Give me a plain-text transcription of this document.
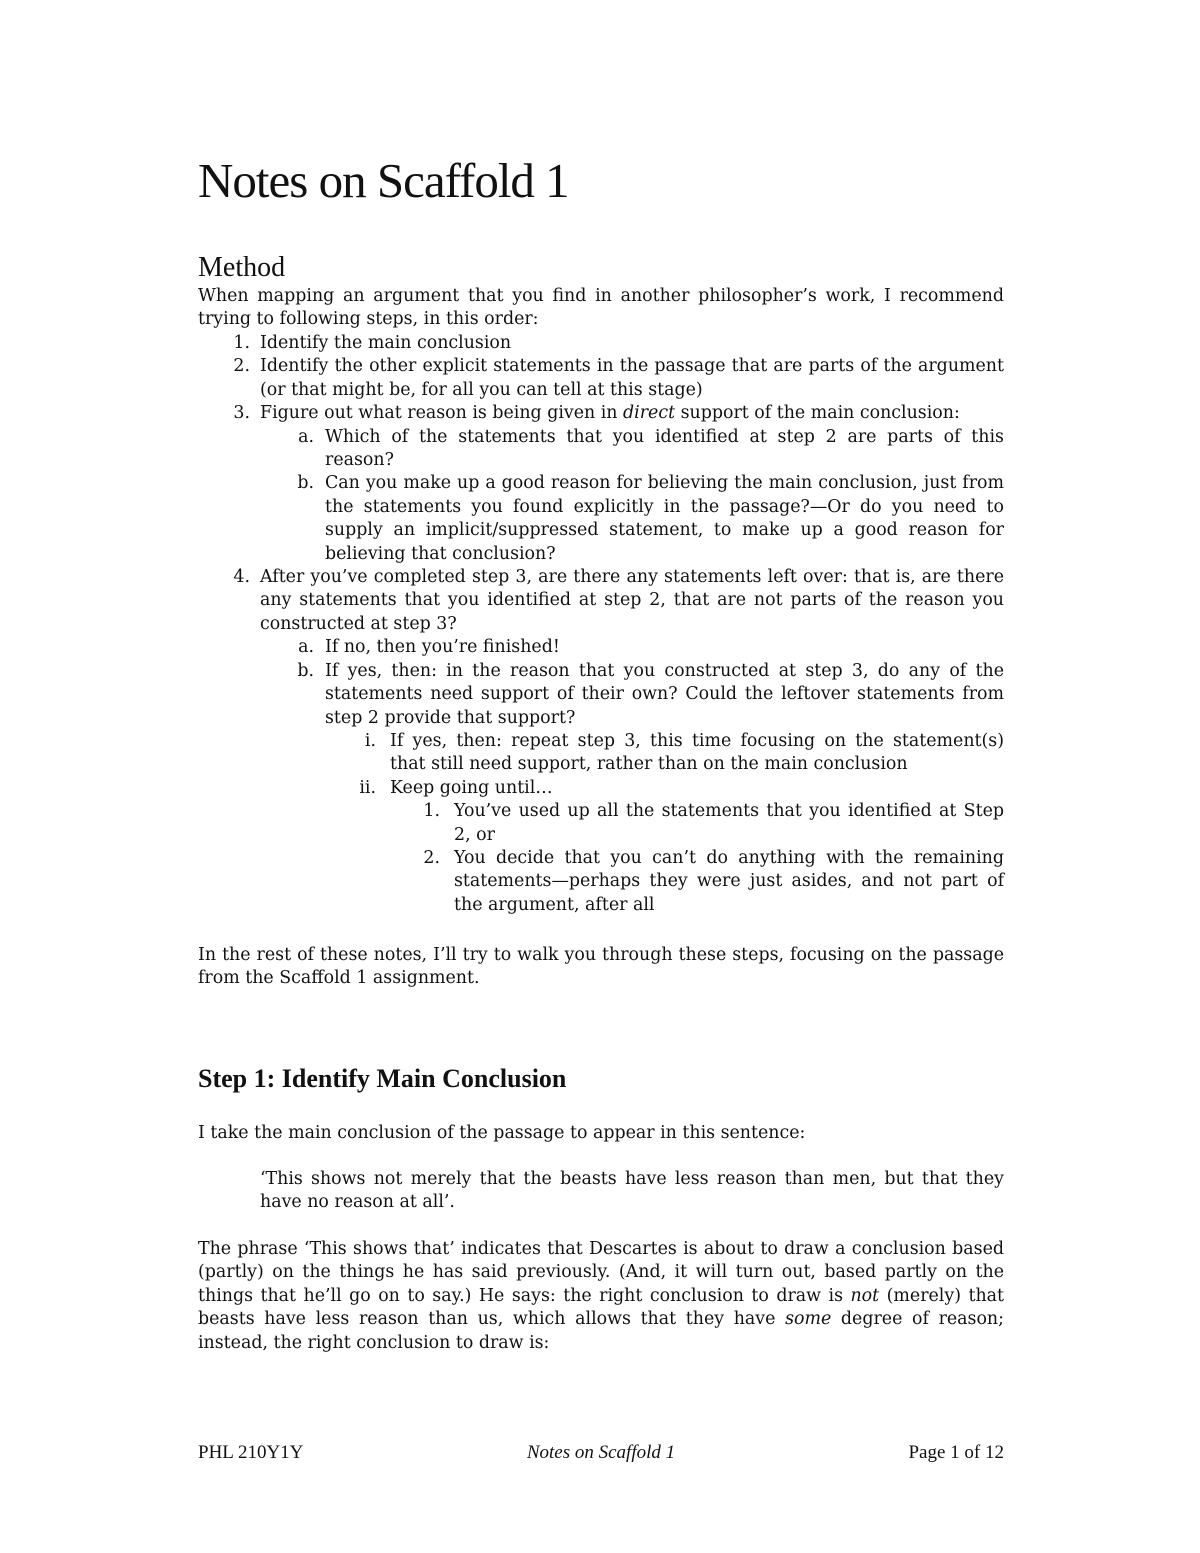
Notes on Scaffold 1
Method
When mapping an argument that you find in another philosopher’s work, I recommend trying to following steps, in this order:
1. Identify the main conclusion
2. Identify the other explicit statements in the passage that are parts of the argument (or that might be, for all you can tell at this stage)
3. Figure out what reason is being given in direct support of the main conclusion:
a. Which of the statements that you identified at step 2 are parts of this reason?
b. Can you make up a good reason for believing the main conclusion, just from the statements you found explicitly in the passage?—Or do you need to supply an implicit/suppressed statement, to make up a good reason for believing that conclusion?
4. After you’ve completed step 3, are there any statements left over: that is, are there any statements that you identified at step 2, that are not parts of the reason you constructed at step 3?
a. If no, then you’re finished!
b. If yes, then: in the reason that you constructed at step 3, do any of the statements need support of their own? Could the leftover statements from step 2 provide that support?
i. If yes, then: repeat step 3, this time focusing on the statement(s) that still need support, rather than on the main conclusion
ii. Keep going until…
1. You’ve used up all the statements that you identified at Step 2, or
2. You decide that you can’t do anything with the remaining statements—perhaps they were just asides, and not part of the argument, after all
In the rest of these notes, I’ll try to walk you through these steps, focusing on the passage from the Scaffold 1 assignment.
Step 1: Identify Main Conclusion
I take the main conclusion of the passage to appear in this sentence:
‘This shows not merely that the beasts have less reason than men, but that they have no reason at all’.
The phrase ‘This shows that’ indicates that Descartes is about to draw a conclusion based (partly) on the things he has said previously. (And, it will turn out, based partly on the things that he’ll go on to say.) He says: the right conclusion to draw is not (merely) that beasts have less reason than us, which allows that they have some degree of reason; instead, the right conclusion to draw is:
PHL 210Y1Y	Notes on Scaffold 1	Page 1 of 12
